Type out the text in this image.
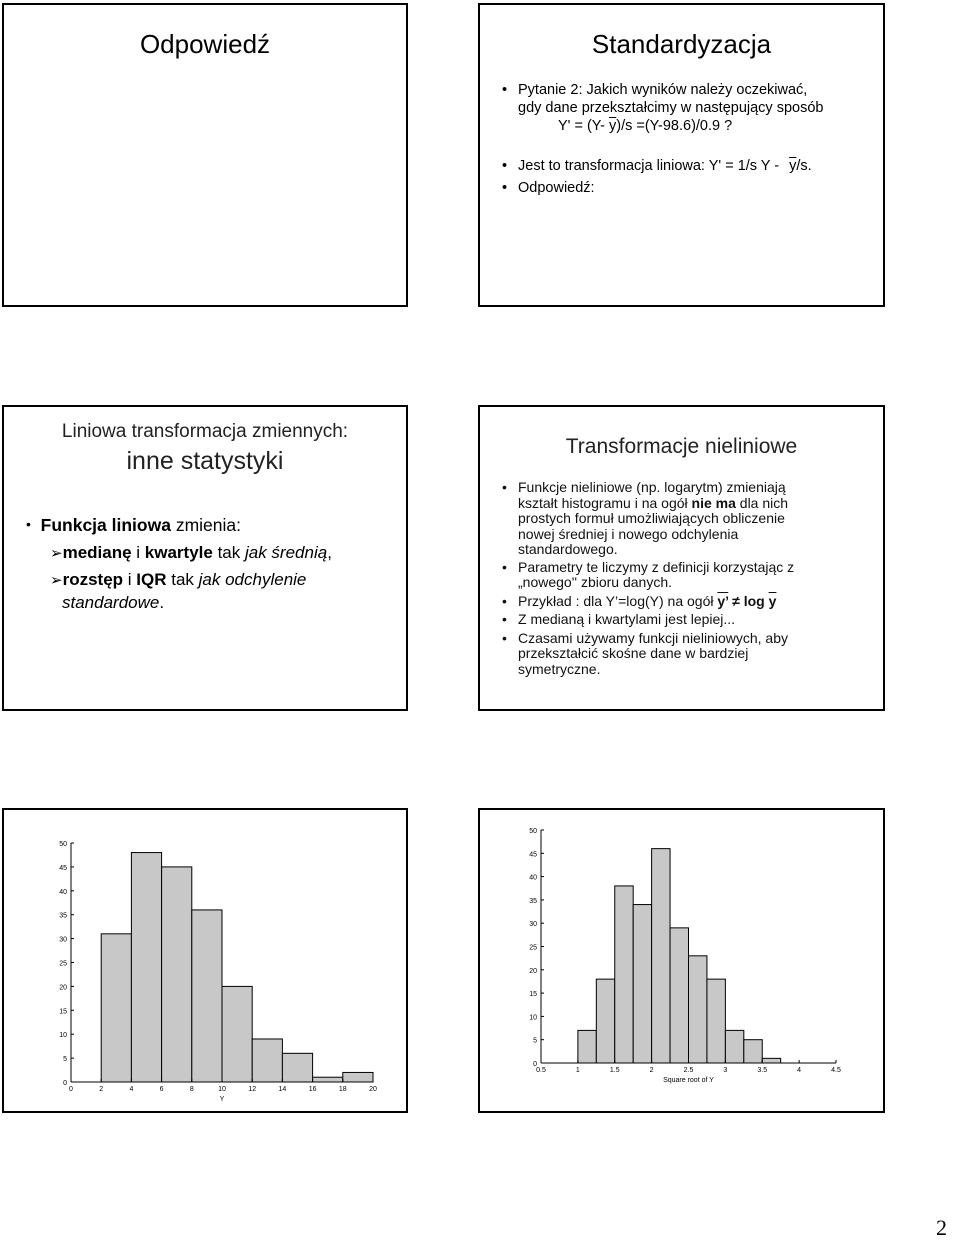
Odpowiedź	Standardyzacja
• Pytanie 2: Jakich wyników należy oczekiwać,
gdy dane przekształcimy w następujący sposób
Y' = (Y- $\overline{y})/s =(Y-98.6)/0.9$ ?
• Jest to transformacja liniowa: Y' = 1/s Y - $\overline{y}/s$.
• Odpowiedź:
Liniowa transformacja zmiennych:
inne statystyki
• Funkcja liniowa zmienia:
➢medianę i kwartyle tak jak średnią,
➢rozstęp i IQR tak jak odchylenie
standardowe.
Transformacje nieliniowe
• Funkcje nieliniowe (np. logarytm) zmieniają
kształt histogramu i na ogół nie ma dla nich
prostych formuł umożliwiających obliczenie
nowej średniej i nowego odchylenia
standardowego.
• Parametry te liczymy z definicji korzystając z
„nowego'' zbioru danych.
• Przykład : dla Y’=log(Y) na ogół y’ ≠ $\log \overline{y}$
• Z medianą i kwartylami jest lepiej...
• Czasami używamy funkcji nieliniowych, aby
przekształcić skośne dane w bardziej
symetryczne.
0
5
10
15
20
25
30
35
40
45
50
0	2	4	6	8	10	12	14	16	18	20
Y
0
5
10
15
20
25
30
35
40
45
50
0.5	1	1.5	2	2.5	3	3.5	4	4.5
Square root of Y
2
